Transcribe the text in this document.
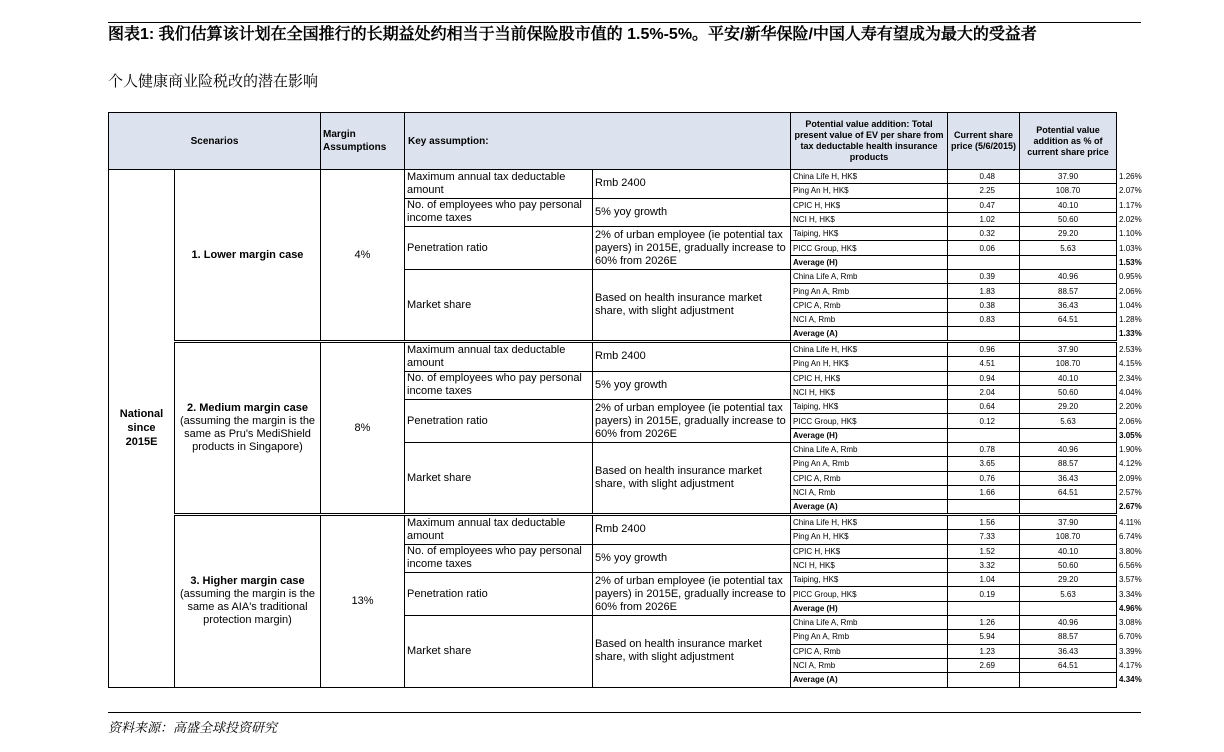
图表1: 我们估算该计划在全国推行的长期益处约相当于当前保险股市值的 1.5%-5%。平安/新华保险/中国人寿有望成为最大的受益者
个人健康商业险税改的潜在影响
Scenarios		Margin Assumptions	Key assumption:		Potential value addition: Total present value of EV per share from tax deductable health insurance products	Current share price (5/6/2015)	Potential value addition as % of current share price	
National since 2015E	1. Lower margin case	4%	Maximum annual tax deductable amount	Rmb 2400	China Life H, HK$	0.48	37.90	1.26%
					Ping An H, HK$	2.25	108.70	2.07%
			No. of employees who pay personal income taxes	5% yoy growth	CPIC H, HK$	0.47	40.10	1.17%
					NCI H, HK$	1.02	50.60	2.02%
			Penetration ratio	2% of urban employee (ie potential tax payers) in 2015E, gradually increase to 60% from 2026E	Taiping, HK$	0.32	29.20	1.10%
					PICC Group, HK$	0.06	5.63	1.03%
					Average (H)			1.53%
			Market share	Based on health insurance market share, with slight adjustment	China Life A, Rmb	0.39	40.96	0.95%
					Ping An A, Rmb	1.83	88.57	2.06%
					CPIC A, Rmb	0.38	36.43	1.04%
					NCI A, Rmb	0.83	64.51	1.28%
					Average (A)			1.33%

	2. Medium margin case
(assuming the margin is the same as Pru's MediShield products in Singapore)	8%	Maximum annual tax deductable amount	Rmb 2400	China Life H, HK$	0.96	37.90	2.53%
					Ping An H, HK$	4.51	108.70	4.15%
			No. of employees who pay personal income taxes	5% yoy growth	CPIC H, HK$	0.94	40.10	2.34%
					NCI H, HK$	2.04	50.60	4.04%
			Penetration ratio	2% of urban employee (ie potential tax payers) in 2015E, gradually increase to 60% from 2026E	Taiping, HK$	0.64	29.20	2.20%
					PICC Group, HK$	0.12	5.63	2.06%
					Average (H)			3.05%
			Market share	Based on health insurance market share, with slight adjustment	China Life A, Rmb	0.78	40.96	1.90%
					Ping An A, Rmb	3.65	88.57	4.12%
					CPIC A, Rmb	0.76	36.43	2.09%
					NCI A, Rmb	1.66	64.51	2.57%
					Average (A)			2.67%

	3. Higher margin case
(assuming the margin is the same as AIA's traditional protection margin)	13%	Maximum annual tax deductable amount	Rmb 2400	China Life H, HK$	1.56	37.90	4.11%
					Ping An H, HK$	7.33	108.70	6.74%
			No. of employees who pay personal income taxes	5% yoy growth	CPIC H, HK$	1.52	40.10	3.80%
					NCI H, HK$	3.32	50.60	6.56%
			Penetration ratio	2% of urban employee (ie potential tax payers) in 2015E, gradually increase to 60% from 2026E	Taiping, HK$	1.04	29.20	3.57%
					PICC Group, HK$	0.19	5.63	3.34%
					Average (H)			4.96%
			Market share	Based on health insurance market share, with slight adjustment	China Life A, Rmb	1.26	40.96	3.08%
					Ping An A, Rmb	5.94	88.57	6.70%
					CPIC A, Rmb	1.23	36.43	3.39%
					NCI A, Rmb	2.69	64.51	4.17%
					Average (A)			4.34%
资料来源：高盛全球投资研究
